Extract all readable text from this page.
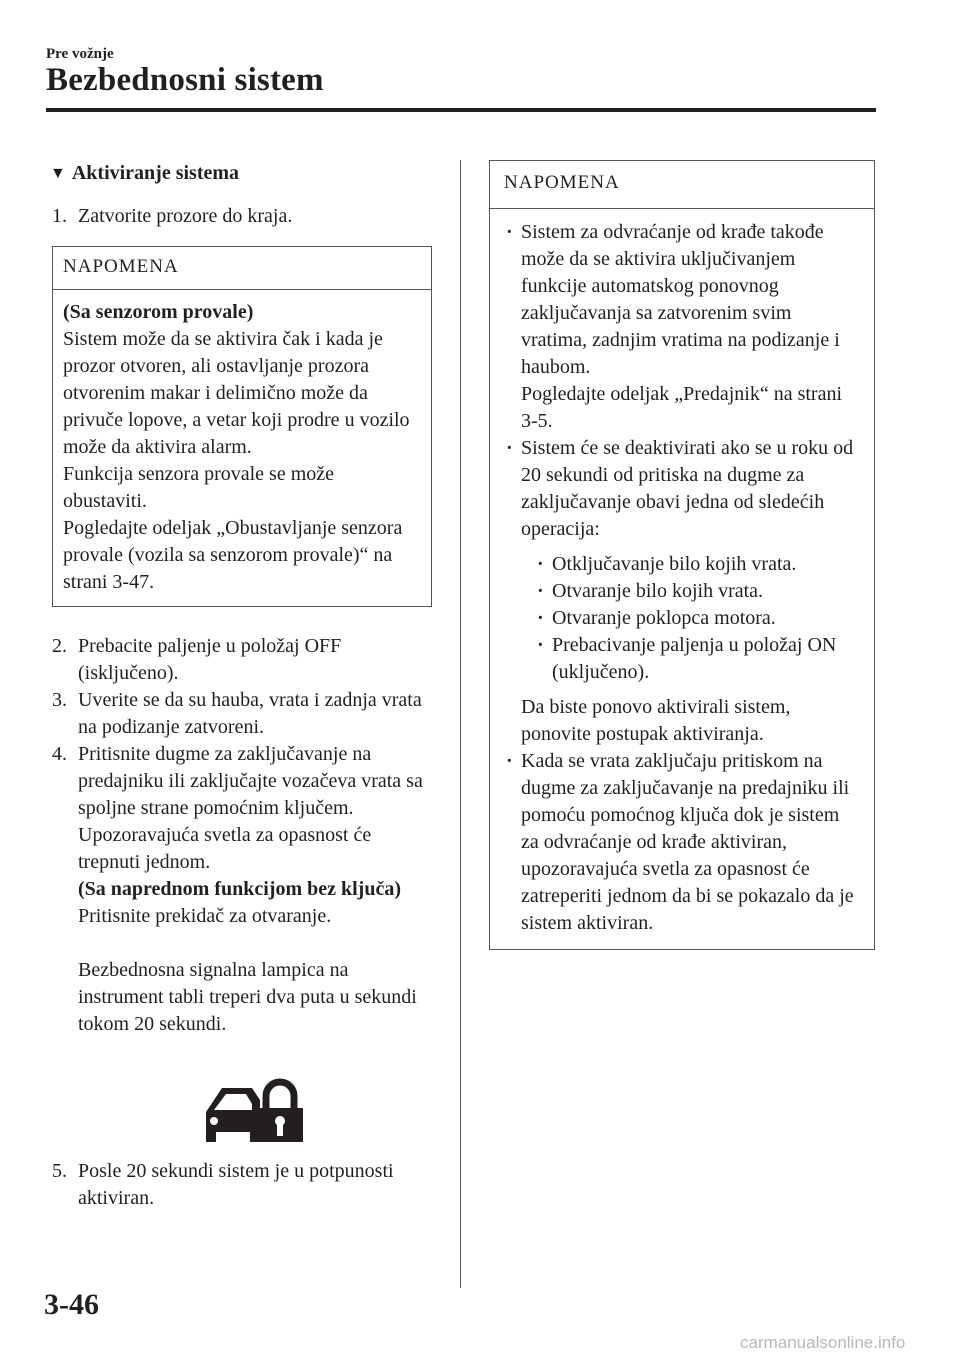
Pre vožnje
Bezbednosni sistem
▼ Aktiviranje sistema
1. Zatvorite prozore do kraja.
NAPOMENA
(Sa senzorom provale)
Sistem može da se aktivira čak i kada je prozor otvoren, ali ostavljanje prozora otvorenim makar i delimično može da privuče lopove, a vetar koji prodre u vozilo može da aktivira alarm.
Funkcija senzora provale se može obustaviti.
Pogledajte odeljak „Obustavljanje senzora provale (vozila sa senzorom provale)“ na strani 3-47.
2. Prebacite paljenje u položaj OFF (isključeno).
3. Uverite se da su hauba, vrata i zadnja vrata na podizanje zatvoreni.
4. Pritisnite dugme za zaključavanje na predajniku ili zaključajte vozačeva vrata sa spoljne strane pomoćnim ključem.
Upozoravajuća svetla za opasnost će trepnuti jednom.
(Sa naprednom funkcijom bez ključa)
Pritisnite prekidač za otvaranje.
Bezbednosna signalna lampica na instrument tabli treperi dva puta u sekundi tokom 20 sekundi.
5. Posle 20 sekundi sistem je u potpunosti aktiviran.
NAPOMENA
· Sistem za odvraćanje od krađe takođe može da se aktivira uključivanjem funkcije automatskog ponovnog zaključavanja sa zatvorenim svim vratima, zadnjim vratima na podizanje i haubom.
Pogledajte odeljak „Predajnik“ na strani 3-5.
· Sistem će se deaktivirati ako se u roku od 20 sekundi od pritiska na dugme za zaključavanje obavi jedna od sledećih operacija:
· Otključavanje bilo kojih vrata.
· Otvaranje bilo kojih vrata.
· Otvaranje poklopca motora.
· Prebacivanje paljenja u položaj ON (uključeno).
Da biste ponovo aktivirali sistem, ponovite postupak aktiviranja.
· Kada se vrata zaključaju pritiskom na dugme za zaključavanje na predajniku ili pomoću pomoćnog ključa dok je sistem za odvraćanje od krađe aktiviran, upozoravajuća svetla za opasnost će zatreperiti jednom da bi se pokazalo da je sistem aktiviran.
3-46
carmanualsonline.info
